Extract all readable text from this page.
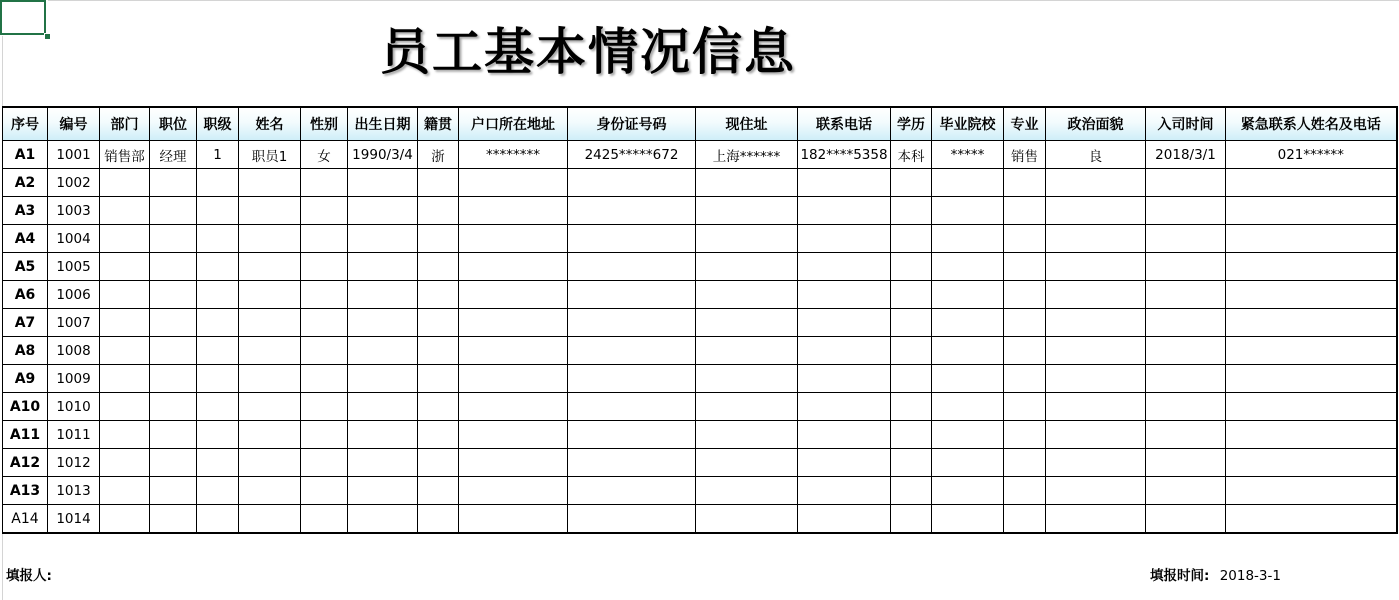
员工基本情况信息
序号	编号	部门	职位	职级	姓名	性别	出生日期	籍贯	户口所在地址	身份证号码	现住址	联系电话	学历	毕业院校	专业	政治面貌	入司时间	紧急联系人姓名及电话
A1	1001	销售部	经理	1	职员1	女	1990/3/4	浙	********	2425*****672	上海******	182****5358	本科	*****	销售	良	2018/3/1	021******
A2	1002																	
A3	1003																	
A4	1004																	
A5	1005																	
A6	1006																	
A7	1007																	
A8	1008																	
A9	1009																	
A10	1010																	
A11	1011																	
A12	1012																	
A13	1013																	
A14	1014																	
填报人:	填报时间: 2018-3-1
